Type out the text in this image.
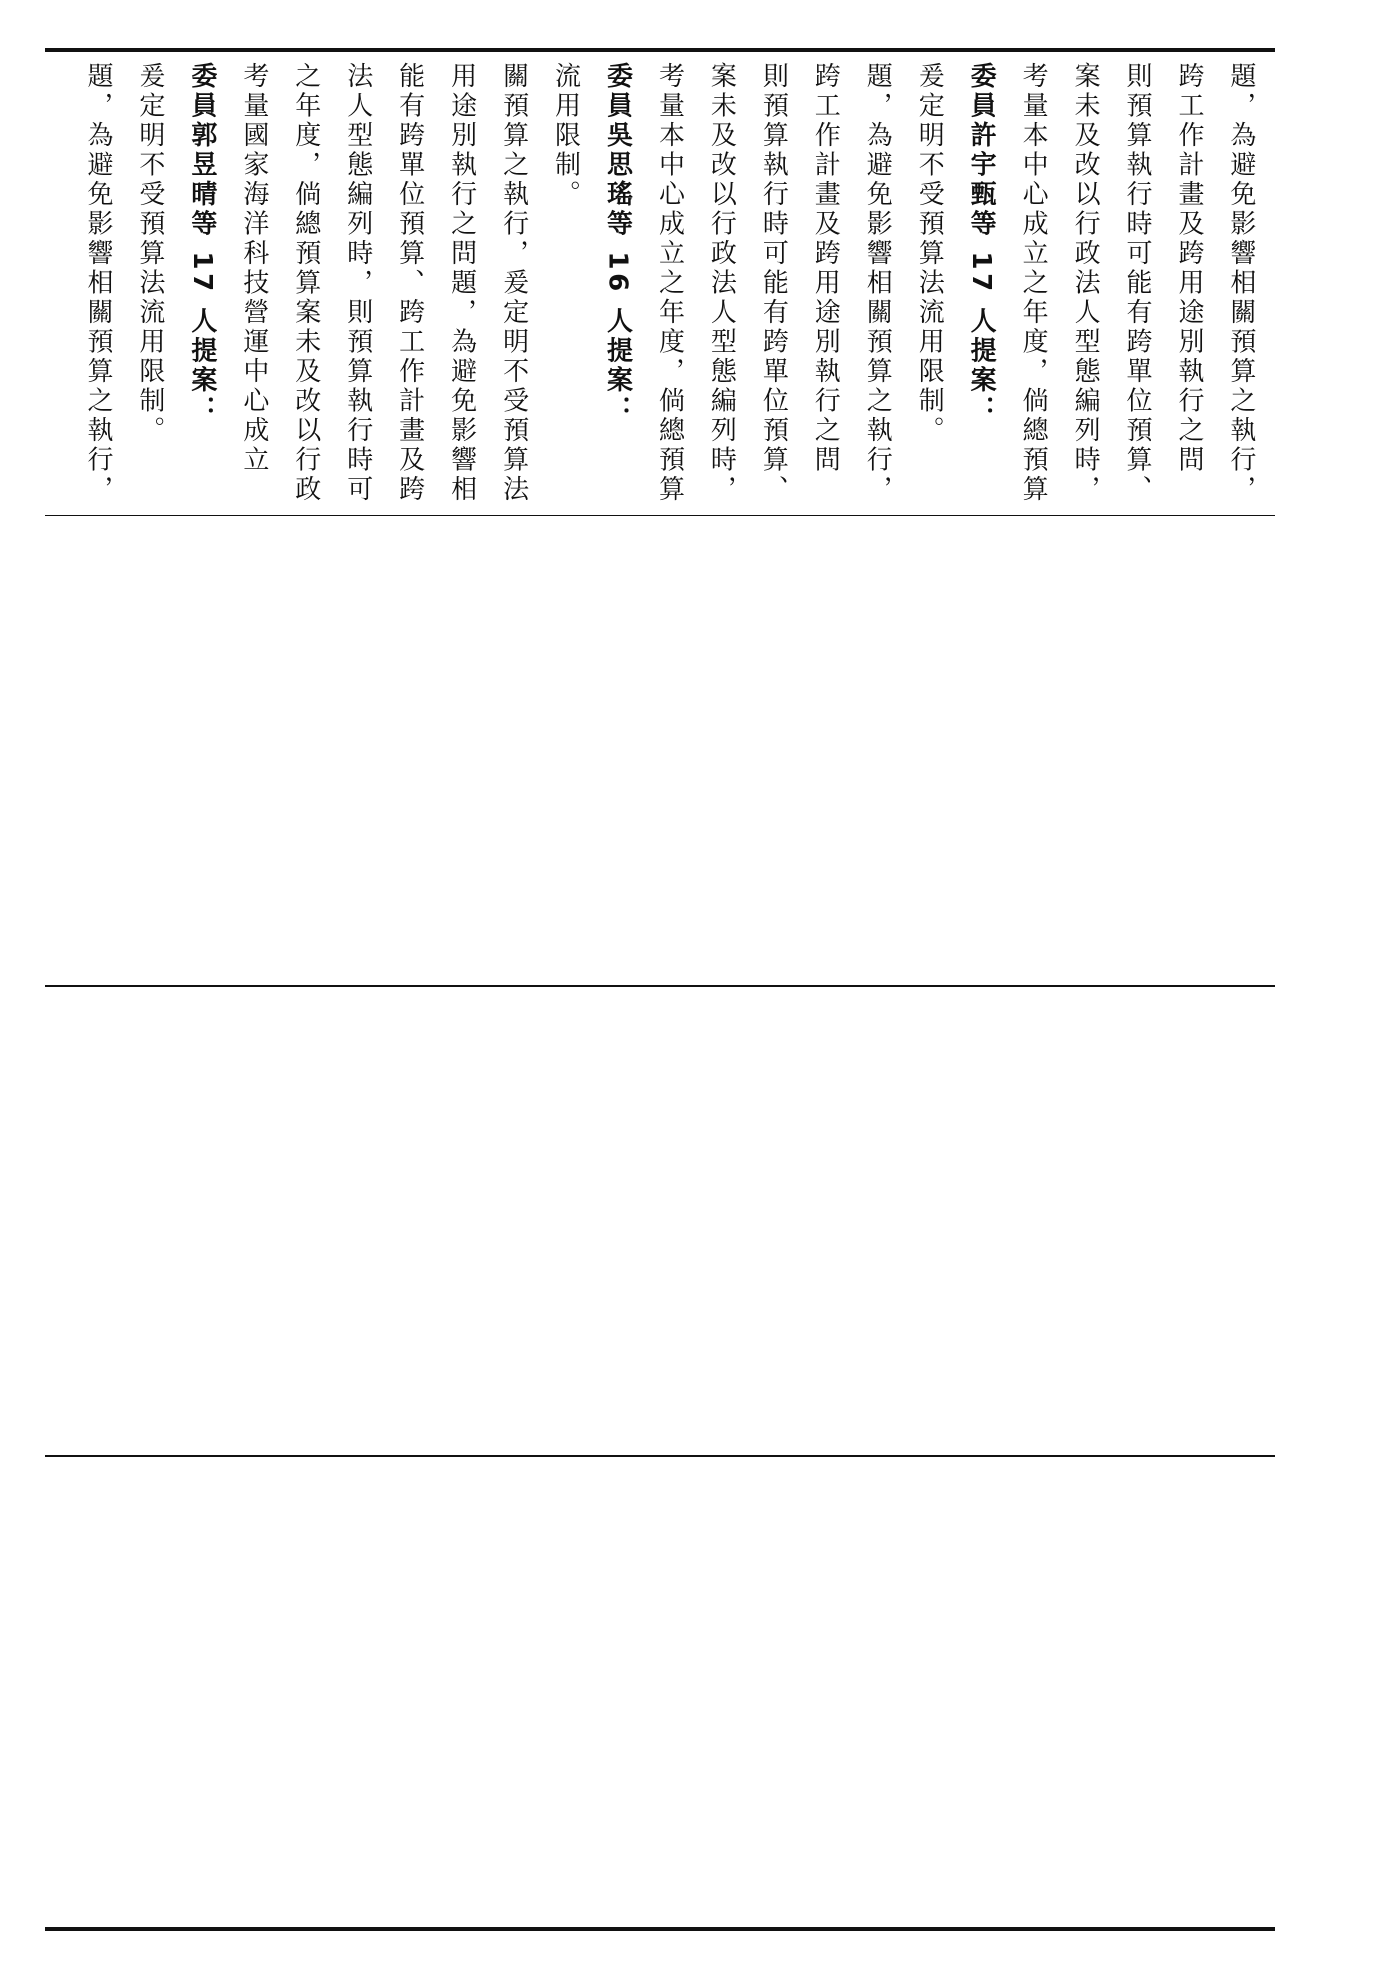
題，為避免影響相關預算之執行， 爰定明不受預算法流用限制。 委員郭昱晴等 17 人提案： 考量國家海洋科技營運中心成立 之年度，倘總預算案未及改以行政 法人型態編列時，則預算執行時可 能有跨單位預算、跨工作計畫及跨 用途別執行之問題，為避免影響相 關預算之執行，爰定明不受預算法 流用限制。 委員吳思瑤等 16 人提案： 考量本中心成立之年度，倘總預算 案未及改以行政法人型態編列時， 則預算執行時可能有跨單位預算、 跨工作計畫及跨用途別執行之問 題，為避免影響相關預算之執行， 爰定明不受預算法流用限制。 委員許宇甄等 17 人提案： 考量本中心成立之年度，倘總預算 案未及改以行政法人型態編列時， 則預算執行時可能有跨單位預算、 跨工作計畫及跨用途別執行之問 題，為避免影響相關預算之執行，
